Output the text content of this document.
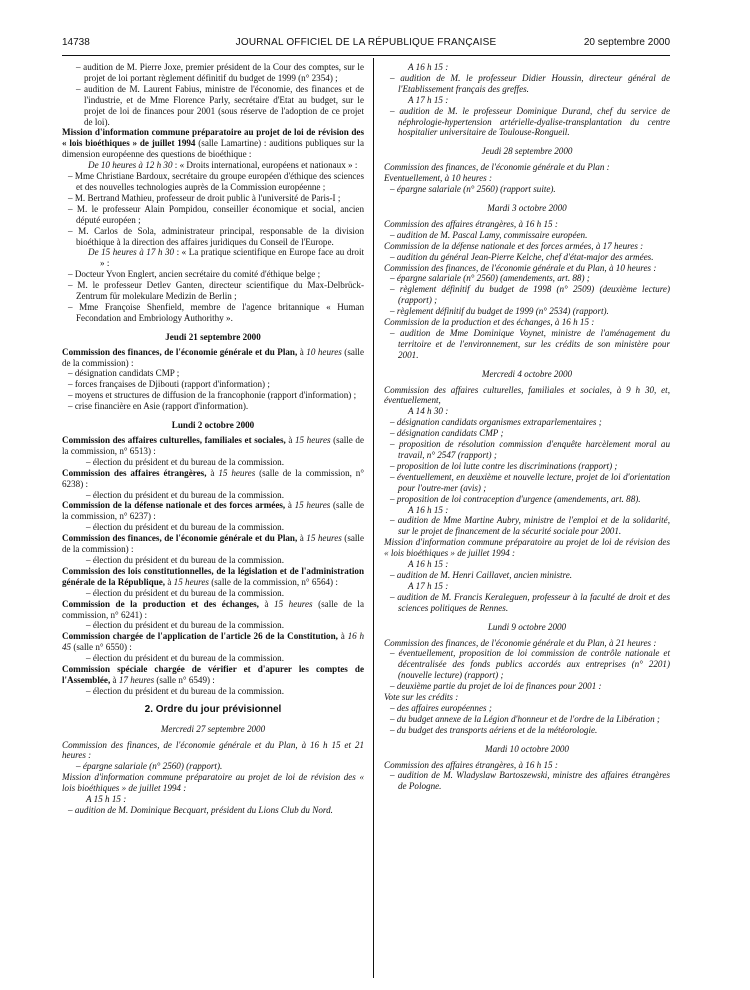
14738	JOURNAL OFFICIEL DE LA RÉPUBLIQUE FRANÇAISE	20 septembre 2000
– audition de M. Pierre Joxe, premier président de la Cour des comptes, sur le projet de loi portant règlement définitif du budget de 1999 (n° 2354) ;
– audition de M. Laurent Fabius, ministre de l'économie, des finances et de l'industrie, et de Mme Florence Parly, secrétaire d'Etat au budget, sur le projet de loi de finances pour 2001 (sous réserve de l'adoption de ce projet de loi).
Mission d'information commune préparatoire au projet de loi de révision des « lois bioéthiques » de juillet 1994 (salle Lamartine) : auditions publiques sur la dimension européenne des questions de bioéthique :
De 10 heures à 12 h 30 : « Droits international, européens et nationaux » :
– Mme Christiane Bardoux, secrétaire du groupe européen d'éthique des sciences et des nouvelles technologies auprès de la Commission européenne ;
– M. Bertrand Mathieu, professeur de droit public à l'université de Paris-I ;
– M. le professeur Alain Pompidou, conseiller économique et social, ancien député européen ;
– M. Carlos de Sola, administrateur principal, responsable de la division bioéthique à la direction des affaires juridiques du Conseil de l'Europe.
De 15 heures à 17 h 30 : « La pratique scientifique en Europe face au droit » :
– Docteur Yvon Englert, ancien secrétaire du comité d'éthique belge ;
– M. le professeur Detlev Ganten, directeur scientifique du Max-Delbrück-Zentrum für molekulare Medizin de Berlin ;
– Mme Françoise Shenfield, membre de l'agence britannique « Human Fecondation and Embriology Authorithy ».
Jeudi 21 septembre 2000
Commission des finances, de l'économie générale et du Plan, à 10 heures (salle de la commission) :
– désignation candidats CMP ;
– forces françaises de Djibouti (rapport d'information) ;
– moyens et structures de diffusion de la francophonie (rapport d'information) ;
– crise financière en Asie (rapport d'information).
Lundi 2 octobre 2000
Commission des affaires culturelles, familiales et sociales, à 15 heures (salle de la commission, n° 6513) :
– élection du président et du bureau de la commission.
Commission des affaires étrangères, à 15 heures (salle de la commission, n° 6238) :
– élection du président et du bureau de la commission.
Commission de la défense nationale et des forces armées, à 15 heures (salle de la commission, n° 6237) :
– élection du président et du bureau de la commission.
Commission des finances, de l'économie générale et du Plan, à 15 heures (salle de la commission) :
– élection du président et du bureau de la commission.
Commission des lois constitutionnelles, de la législation et de l'administration générale de la République, à 15 heures (salle de la commission, n° 6564) :
– élection du président et du bureau de la commission.
Commission de la production et des échanges, à 15 heures (salle de la commission, n° 6241) :
– élection du président et du bureau de la commission.
Commission chargée de l'application de l'article 26 de la Constitution, à 16 h 45 (salle n° 6550) :
– élection du président et du bureau de la commission.
Commission spéciale chargée de vérifier et d'apurer les comptes de l'Assemblée, à 17 heures (salle n° 6549) :
– élection du président et du bureau de la commission.
2. Ordre du jour prévisionnel
Mercredi 27 septembre 2000
Commission des finances, de l'économie générale et du Plan, à 16 h 15 et 21 heures :
– épargne salariale (n° 2560) (rapport).
Mission d'information commune préparatoire au projet de loi de révision des « lois bioéthiques » de juillet 1994 :
A 15 h 15 :
– audition de M. Dominique Becquart, président du Lions Club du Nord.
A 16 h 15 :
– audition de M. le professeur Didier Houssin, directeur général de l'Etablissement français des greffes.
A 17 h 15 :
– audition de M. le professeur Dominique Durand, chef du service de néphrologie-hypertension artérielle-dyalise-transplantation du centre hospitalier universitaire de Toulouse-Rongueil.
Jeudi 28 septembre 2000
Commission des finances, de l'économie générale et du Plan :
Eventuellement, à 10 heures :
– épargne salariale (n° 2560) (rapport suite).
Mardi 3 octobre 2000
Commission des affaires étrangères, à 16 h 15 :
– audition de M. Pascal Lamy, commissaire européen.
Commission de la défense nationale et des forces armées, à 17 heures :
– audition du général Jean-Pierre Kelche, chef d'état-major des armées.
Commission des finances, de l'économie générale et du Plan, à 10 heures :
– épargne salariale (n° 2560) (amendements, art. 88) ;
– règlement définitif du budget de 1998 (n° 2509) (deuxième lecture) (rapport) ;
– règlement définitif du budget de 1999 (n° 2534) (rapport).
Commission de la production et des échanges, à 16 h 15 :
– audition de Mme Dominique Voynet, ministre de l'aménagement du territoire et de l'environnement, sur les crédits de son ministère pour 2001.
Mercredi 4 octobre 2000
Commission des affaires culturelles, familiales et sociales, à 9 h 30, et, éventuellement,
A 14 h 30 :
– désignation candidats organismes extraparlementaires ;
– désignation candidats CMP ;
– proposition de résolution commission d'enquête harcèlement moral au travail, n° 2547 (rapport) ;
– proposition de loi lutte contre les discriminations (rapport) ;
– éventuellement, en deuxième et nouvelle lecture, projet de loi d'orientation pour l'outre-mer (avis) ;
– proposition de loi contraception d'urgence (amendements, art. 88).
A 16 h 15 :
– audition de Mme Martine Aubry, ministre de l'emploi et de la solidarité, sur le projet de financement de la sécurité sociale pour 2001.
Mission d'information commune préparatoire au projet de loi de révision des « lois bioéthiques » de juillet 1994 :
A 16 h 15 :
– audition de M. Henri Caillavet, ancien ministre.
A 17 h 15 :
– audition de M. Francis Keraleguen, professeur à la faculté de droit et des sciences politiques de Rennes.
Lundi 9 octobre 2000
Commission des finances, de l'économie générale et du Plan, à 21 heures :
– éventuellement, proposition de loi commission de contrôle nationale et décentralisée des fonds publics accordés aux entreprises (n° 2201) (nouvelle lecture) (rapport) ;
– deuxième partie du projet de loi de finances pour 2001 :
Vote sur les crédits :
– des affaires européennes ;
– du budget annexe de la Légion d'honneur et de l'ordre de la Libération ;
– du budget des transports aériens et de la météorologie.
Mardi 10 octobre 2000
Commission des affaires étrangères, à 16 h 15 :
– audition de M. Wladyslaw Bartoszewski, ministre des affaires étrangères de Pologne.
